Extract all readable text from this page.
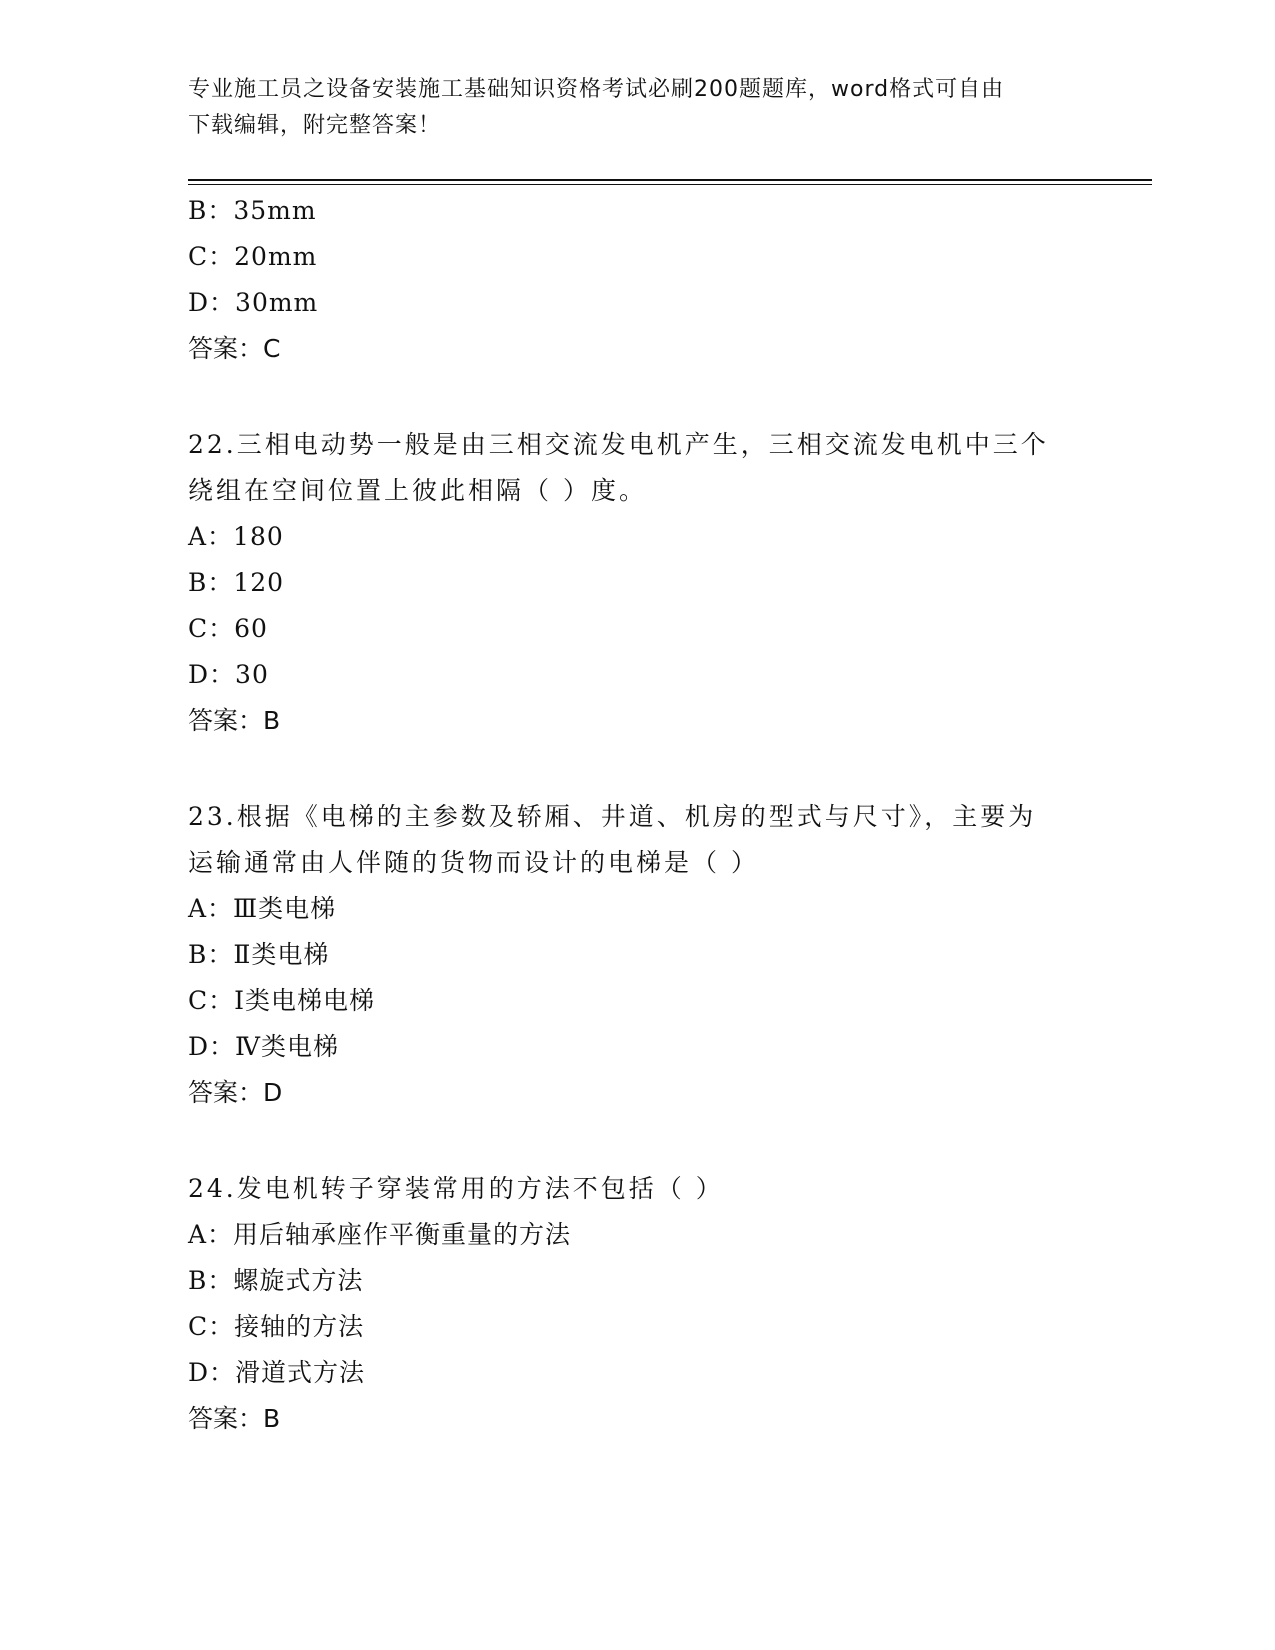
专业施工员之设备安装施工基础知识资格考试必刷200题题库，word格式可自由
下载编辑，附完整答案！
B：35mm
C：20mm
D：30mm
答案：C
22.三相电动势一般是由三相交流发电机产生，三相交流发电机中三个
绕组在空间位置上彼此相隔（ ）度。
A：180
B：120
C：60
D：30
答案：B
23.根据《电梯的主参数及轿厢、井道、机房的型式与尺寸》，主要为
运输通常由人伴随的货物而设计的电梯是（ ）
A：Ⅲ类电梯
B：Ⅱ类电梯
C：Ⅰ类电梯电梯
D：Ⅳ类电梯
答案：D
24.发电机转子穿装常用的方法不包括（ ）
A：用后轴承座作平衡重量的方法
B：螺旋式方法
C：接轴的方法
D：滑道式方法
答案：B
